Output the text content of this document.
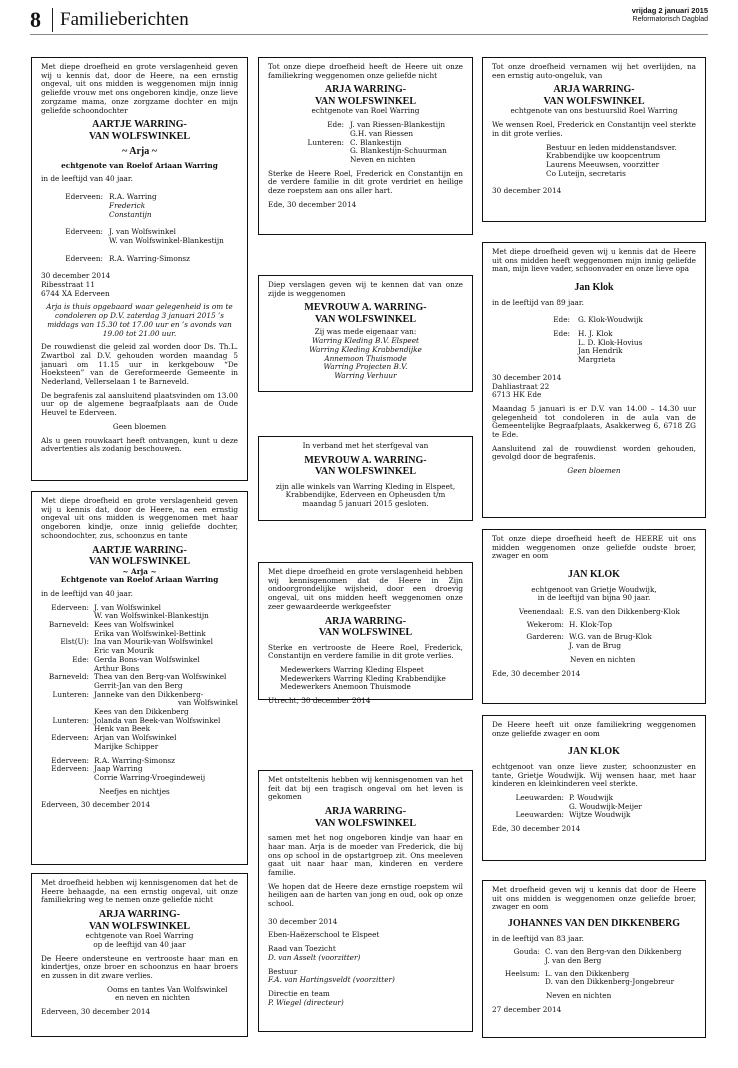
8 Familieberichten	vrijdag 2 januari 2015
Reformatorisch Dagblad
Met diepe droefheid en grote verslagenheid geven wij u kennis dat, door de Heere, na een ernstig ongeval, uit ons midden is weggenomen mijn innig geliefde vrouw met ons ongeboren kindje, onze lieve zorgzame mama, onze zorgzame dochter en mijn geliefde schoondochter
AARTJE WARRING-
VAN WOLFSWINKEL
~ Arja ~
echtgenote van Roelof Ariaan Warring
in de leeftijd van 40 jaar.
Ederveen: R.A. Warring
Frederick
Constantijn
Ederveen: J. van Wolfswinkel
W. van Wolfswinkel-Blankestijn
Ederveen: R.A. Warring-Simonsz
30 december 2014
Ribesstraat 11
6744 XA Ederveen
Arja is thuis opgebaard waar gelegenheid is om te condoleren op D.V. zaterdag 3 januari 2015 ’s middags van 15.30 tot 17.00 uur en ’s avonds van 19.00 tot 21.00 uur.
De rouwdienst die geleid zal worden door Ds. Th.L. Zwartbol zal D.V. gehouden worden maandag 5 januari om 11.15 uur in kerkgebouw “De Hoeksteen” van de Gereformeerde Gemeente in Nederland, Vellerselaan 1 te Barneveld.
De begrafenis zal aansluitend plaatsvinden om 13.00 uur op de algemene begraafplaats aan de Oude Heuvel te Ederveen.
Geen bloemen
Als u geen rouwkaart heeft ontvangen, kunt u deze advertenties als zodanig beschouwen.
Met diepe droefheid en grote verslagenheid geven wij u kennis dat, door de Heere, na een ernstig ongeval uit ons midden is weggenomen met haar ongeboren kindje, onze innig geliefde dochter, schoondochter, zus, schoonzus en tante
AARTJE WARRING-
VAN WOLFSWINKEL
~ Arja ~
Echtgenote van Roelof Ariaan Warring
in de leeftijd van 40 jaar.
Ederveen: J. van Wolfswinkel
W. van Wolfswinkel-Blankestijn
Barneveld: Kees van Wolfswinkel
Erika van Wolfswinkel-Bettink
Elst(U): Ina van Mourik-van Wolfswinkel
Eric van Mourik
Ede: Gerda Bons-van Wolfswinkel
Arthur Bons
Barneveld: Thea van den Berg-van Wolfswinkel
Gerrit-Jan van den Berg
Lunteren: Janneke van den Dikkenberg-
van Wolfswinkel
Kees van den Dikkenberg
Lunteren: Jolanda van Beek-van Wolfswinkel
Henk van Beek
Ederveen: Arjan van Wolfswinkel
Marijke Schipper
Ederveen: R.A. Warring-Simonsz
Ederveen: Jaap Warring
Corrie Warring-Vroegindeweij
Neefjes en nichtjes
Ederveen, 30 december 2014
Met droefheid hebben wij kennisgenomen dat het de Heere behaagde, na een ernstig ongeval, uit onze familiekring weg te nemen onze geliefde nicht
ARJA WARRING-
VAN WOLFSWINKEL
echtgenote van Roel Warring
op de leeftijd van 40 jaar
De Heere ondersteune en vertrooste haar man en kindertjes, onze broer en schoonzus en haar broers en zussen in dit zware verlies.
Ooms en tantes Van Wolfswinkel
en neven en nichten
Ederveen, 30 december 2014
Tot onze diepe droefheid heeft de Heere uit onze familiekring weggenomen onze geliefde nicht
ARJA WARRING-
VAN WOLFSWINKEL
echtgenote van Roel Warring
Ede: J. van Riessen-Blankestijn
G.H. van Riessen
Lunteren: C. Blankestijn
G. Blankestijn-Schuurman
Neven en nichten
Sterke de Heere Roel, Frederick en Constantijn en de verdere familie in dit grote verdriet en heilige deze roepstem aan ons aller hart.
Ede, 30 december 2014
Diep verslagen geven wij te kennen dat van onze zijde is weggenomen
MEVROUW A. WARRING-
VAN WOLFSWINKEL
Zij was mede eigenaar van:
Warring Kleding B.V. Elspeet
Warring Kleding Krabbendijke
Annemoon Thuismode
Warring Projecten B.V.
Warring Verhuur
In verband met het sterfgeval van
MEVROUW A. WARRING-
VAN WOLFSWINKEL
zijn alle winkels van Warring Kleding in Elspeet, Krabbendijke, Ederveen en Opheusden t/m maandag 5 januari 2015 gesloten.
Met diepe droefheid en grote verslagenheid hebben wij kennisgenomen dat de Heere in Zijn ondoorgrondelijke wijsheid, door een droevig ongeval, uit ons midden heeft weggenomen onze zeer gewaardeerde werkgeefster
ARJA WARRING-
VAN WOLFSWINEL
Sterke en vertrooste de Heere Roel, Frederick, Constantijn en verdere familie in dit grote verlies.
Medewerkers Warring Kleding Elspeet
Medewerkers Warring Kleding Krabbendijke
Medewerkers Anemoon Thuismode
Utrecht, 30 december 2014
Met ontsteltenis hebben wij kennisgenomen van het feit dat bij een tragisch ongeval om het leven is gekomen
ARJA WARRING-
VAN WOLFSWINKEL
samen met het nog ongeboren kindje van haar en haar man. Arja is de moeder van Frederick, die bij ons op school in de opstartgroep zit. Ons meeleven gaat uit naar haar man, kinderen en verdere familie.
We hopen dat de Heere deze ernstige roepstem wil heiligen aan de harten van jong en oud, ook op onze school.
30 december 2014
Eben-Haëzerschool te Elspeet
Raad van Toezicht
D. van Asselt (voorzitter)
Bestuur
F.A. van Hartingsveldt (voorzitter)
Directie en team
P. Wiegel (directeur)
Tot onze droefheid vernamen wij het overlijden, na een ernstig auto-ongeluk, van
ARJA WARRING-
VAN WOLFSWINKEL
echtgenote van ons bestuurslid Roel Warring
We wensen Roel, Frederick en Constantijn veel sterkte in dit grote verlies.
Bestuur en leden middenstandsver.
Krabbendijke uw koopcentrum
Laurens Meeuwsen, voorzitter
Co Luteijn, secretaris
30 december 2014
Met diepe droefheid geven wij u kennis dat de Heere uit ons midden heeft weggenomen mijn innig geliefde man, mijn lieve vader, schoonvader en onze lieve opa
Jan Klok
in de leeftijd van 89 jaar.
Ede: G. Klok-Woudwijk
Ede: H. J. Klok
L. D. Klok-Hovius
Jan Hendrik
Margrieta
30 december 2014
Dahliastraat 22
6713 HK Ede
Maandag 5 januari is er D.V. van 14.00 – 14.30 uur gelegenheid tot condoleren in de aula van de Gemeentelijke Begraafplaats, Asakkerweg 6, 6718 ZG te Ede.
Aansluitend zal de rouwdienst worden gehouden, gevolgd door de begrafenis.
Geen bloemen
Tot onze diepe droefheid heeft de HEERE uit ons midden weggenomen onze geliefde oudste broer, zwager en oom
JAN KLOK
echtgenoot van Grietje Woudwijk,
in de leeftijd van bijna 90 jaar.
Veenendaal: E.S. van den Dikkenberg-Klok
Wekerom: H. Klok-Top
Garderen: W.G. van de Brug-Klok
J. van de Brug
Neven en nichten
Ede, 30 december 2014
De Heere heeft uit onze familiekring weggenomen onze geliefde zwager en oom
JAN KLOK
echtgenoot van onze lieve zuster, schoonzuster en tante, Grietje Woudwijk. Wij wensen haar, met haar kinderen en kleinkinderen veel sterkte.
Leeuwarden: P. Woudwijk
G. Woudwijk-Meijer
Leeuwarden: Wijtze Woudwijk
Ede, 30 december 2014
Met droefheid geven wij u kennis dat door de Heere uit ons midden is weggenomen onze geliefde broer, zwager en oom
JOHANNES VAN DEN DIKKENBERG
in de leeftijd van 83 jaar.
Gouda: C. van den Berg-van den Dikkenberg
J. van den Berg
Heelsum: L. van den Dikkenberg
D. van den Dikkenberg-Jongebreur
Neven en nichten
27 december 2014
